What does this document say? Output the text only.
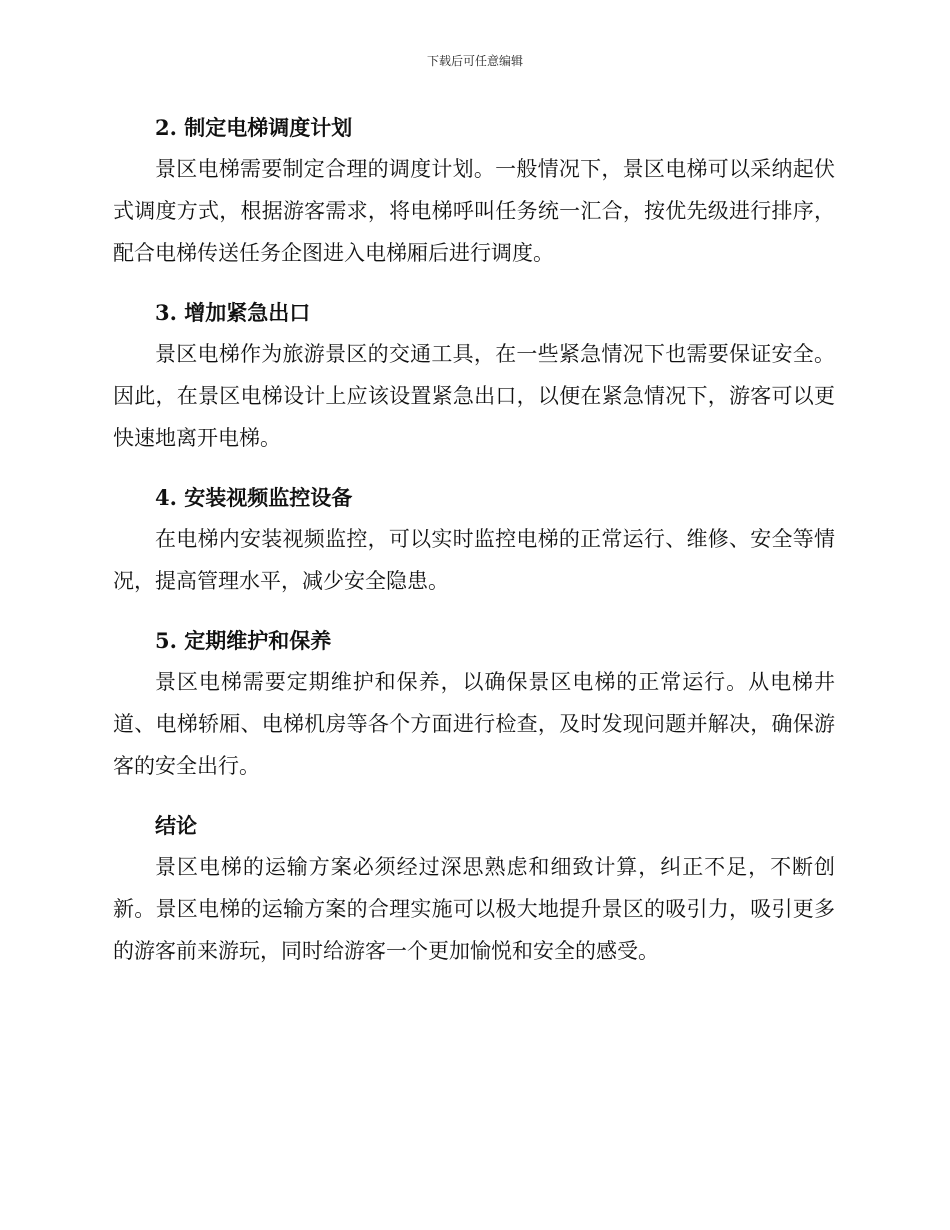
下载后可任意编辑
2. 制定电梯调度计划

景区电梯需要制定合理的调度计划。一般情况下，景区电梯可以采纳起伏式调度方式，根据游客需求，将电梯呼叫任务统一汇合，按优先级进行排序，配合电梯传送任务企图进入电梯厢后进行调度。

3. 增加紧急出口

景区电梯作为旅游景区的交通工具，在一些紧急情况下也需要保证安全。因此，在景区电梯设计上应该设置紧急出口，以便在紧急情况下，游客可以更快速地离开电梯。

4. 安装视频监控设备

在电梯内安装视频监控，可以实时监控电梯的正常运行、维修、安全等情况，提高管理水平，减少安全隐患。

5. 定期维护和保养

景区电梯需要定期维护和保养，以确保景区电梯的正常运行。从电梯井道、电梯轿厢、电梯机房等各个方面进行检查，及时发现问题并解决，确保游客的安全出行。

结论

景区电梯的运输方案必须经过深思熟虑和细致计算，纠正不足，不断创新。景区电梯的运输方案的合理实施可以极大地提升景区的吸引力，吸引更多的游客前来游玩，同时给游客一个更加愉悦和安全的感受。
